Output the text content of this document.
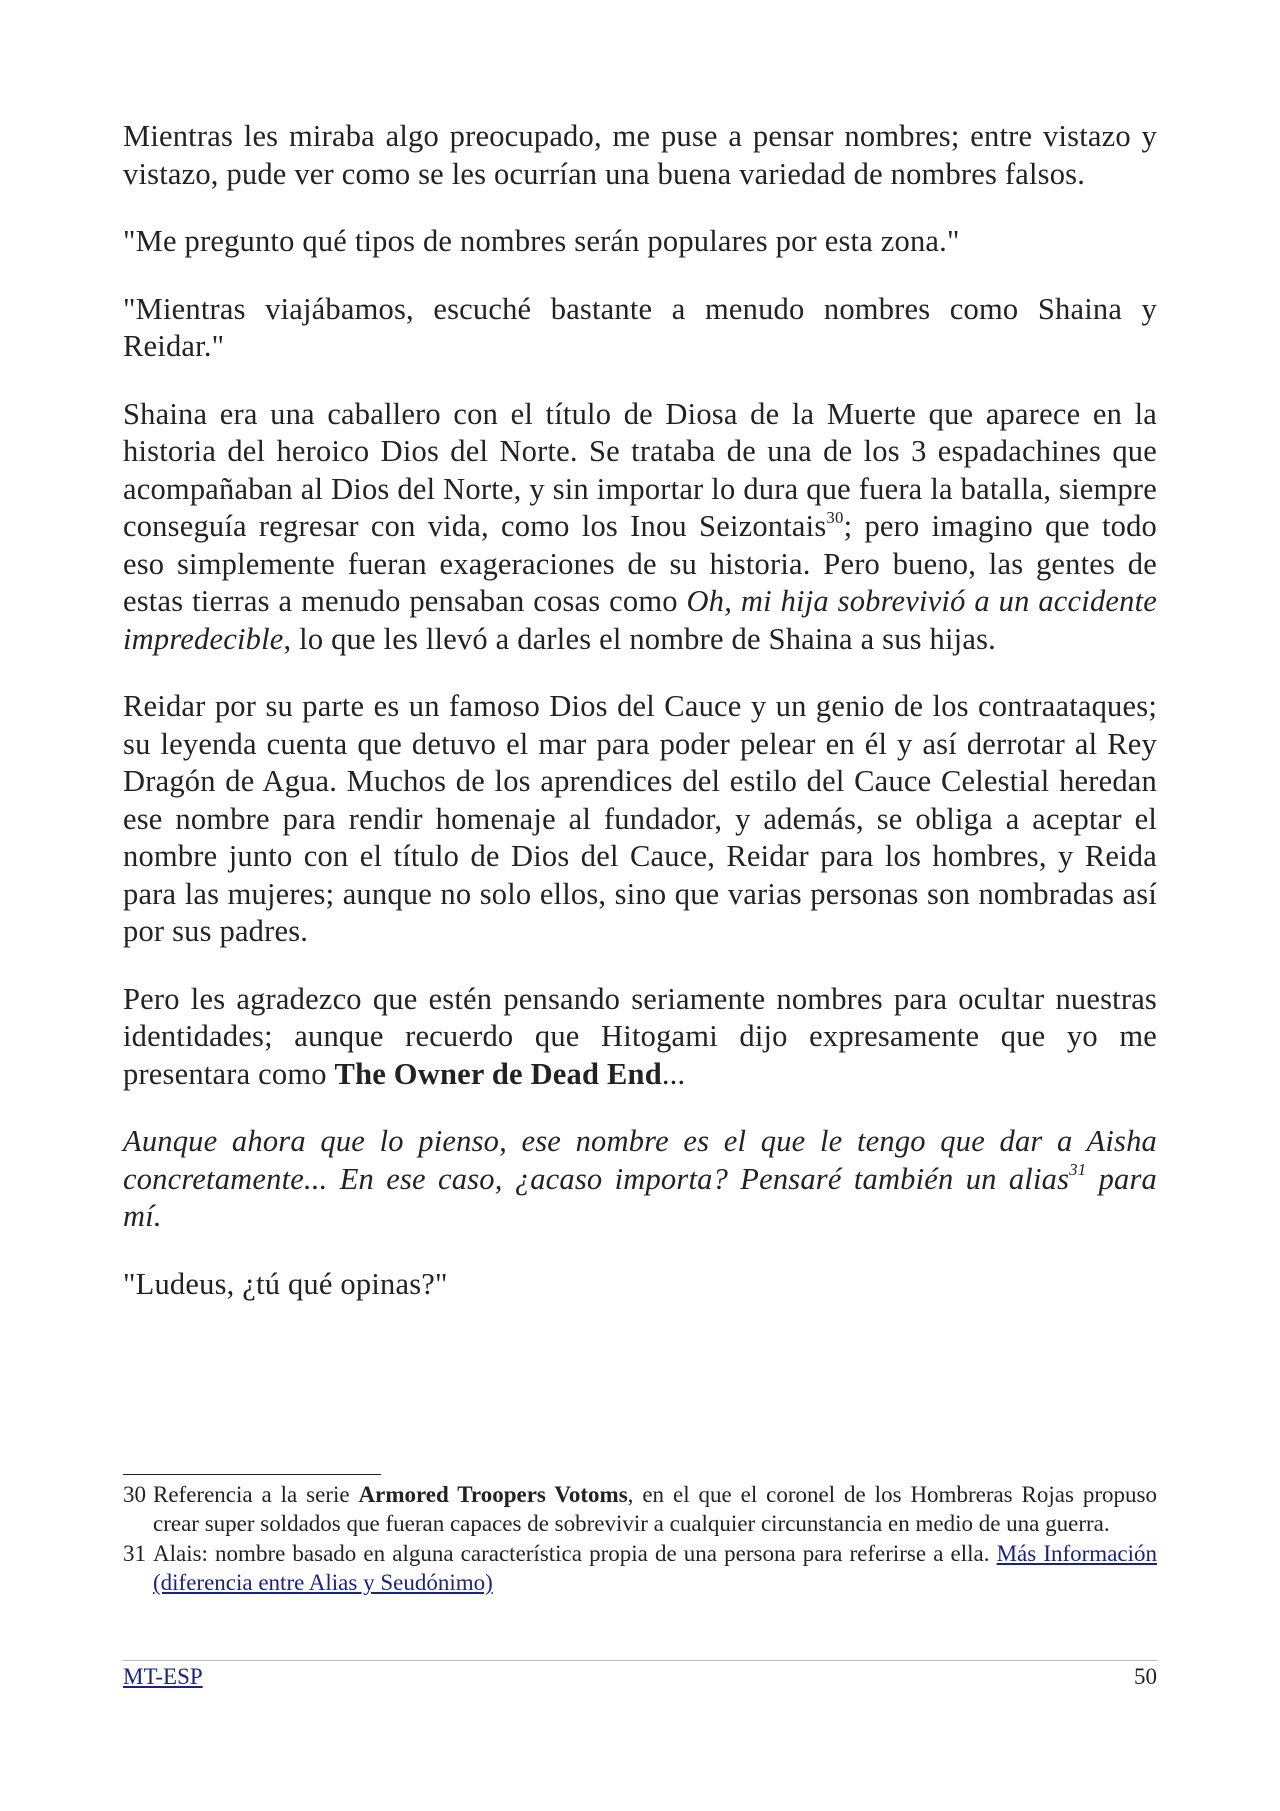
Mientras les miraba algo preocupado, me puse a pensar nombres; entre vistazo y vistazo, pude ver como se les ocurrían una buena variedad de nombres falsos.

"Me pregunto qué tipos de nombres serán populares por esta zona."

"Mientras viajábamos, escuché bastante a menudo nombres como Shaina y Reidar."

Shaina era una caballero con el título de Diosa de la Muerte que aparece en la historia del heroico Dios del Norte. Se trataba de una de los 3 espadachines que acompañaban al Dios del Norte, y sin importar lo dura que fuera la batalla, siempre conseguía regresar con vida, como los Inou Seizontais$^{30}$; pero imagino que todo eso simplemente fueran exageraciones de su historia. Pero bueno, las gentes de estas tierras a menudo pensaban cosas como Oh, mi hija sobrevivió a un accidente impredecible, lo que les llevó a darles el nombre de Shaina a sus hijas.

Reidar por su parte es un famoso Dios del Cauce y un genio de los contraataques; su leyenda cuenta que detuvo el mar para poder pelear en él y así derrotar al Rey Dragón de Agua. Muchos de los aprendices del estilo del Cauce Celestial heredan ese nombre para rendir homenaje al fundador, y además, se obliga a aceptar el nombre junto con el título de Dios del Cauce, Reidar para los hombres, y Reida para las mujeres; aunque no solo ellos, sino que varias personas son nombradas así por sus padres.

Pero les agradezco que estén pensando seriamente nombres para ocultar nuestras identidades; aunque recuerdo que Hitogami dijo expresamente que yo me presentara como The Owner de Dead End...

Aunque ahora que lo pienso, ese nombre es el que le tengo que dar a Aisha concretamente... En ese caso, ¿acaso importa? Pensaré también un alias$^{31}$ para mí.

"Ludeus, ¿tú qué opinas?"

30 Referencia a la serie Armored Troopers Votoms, en el que el coronel de los Hombreras Rojas propuso crear super soldados que fueran capaces de sobrevivir a cualquier circunstancia en medio de una guerra.
31 Alais: nombre basado en alguna característica propia de una persona para referirse a ella. Más Información (diferencia entre Alias y Seudónimo)
MT-ESP	50
